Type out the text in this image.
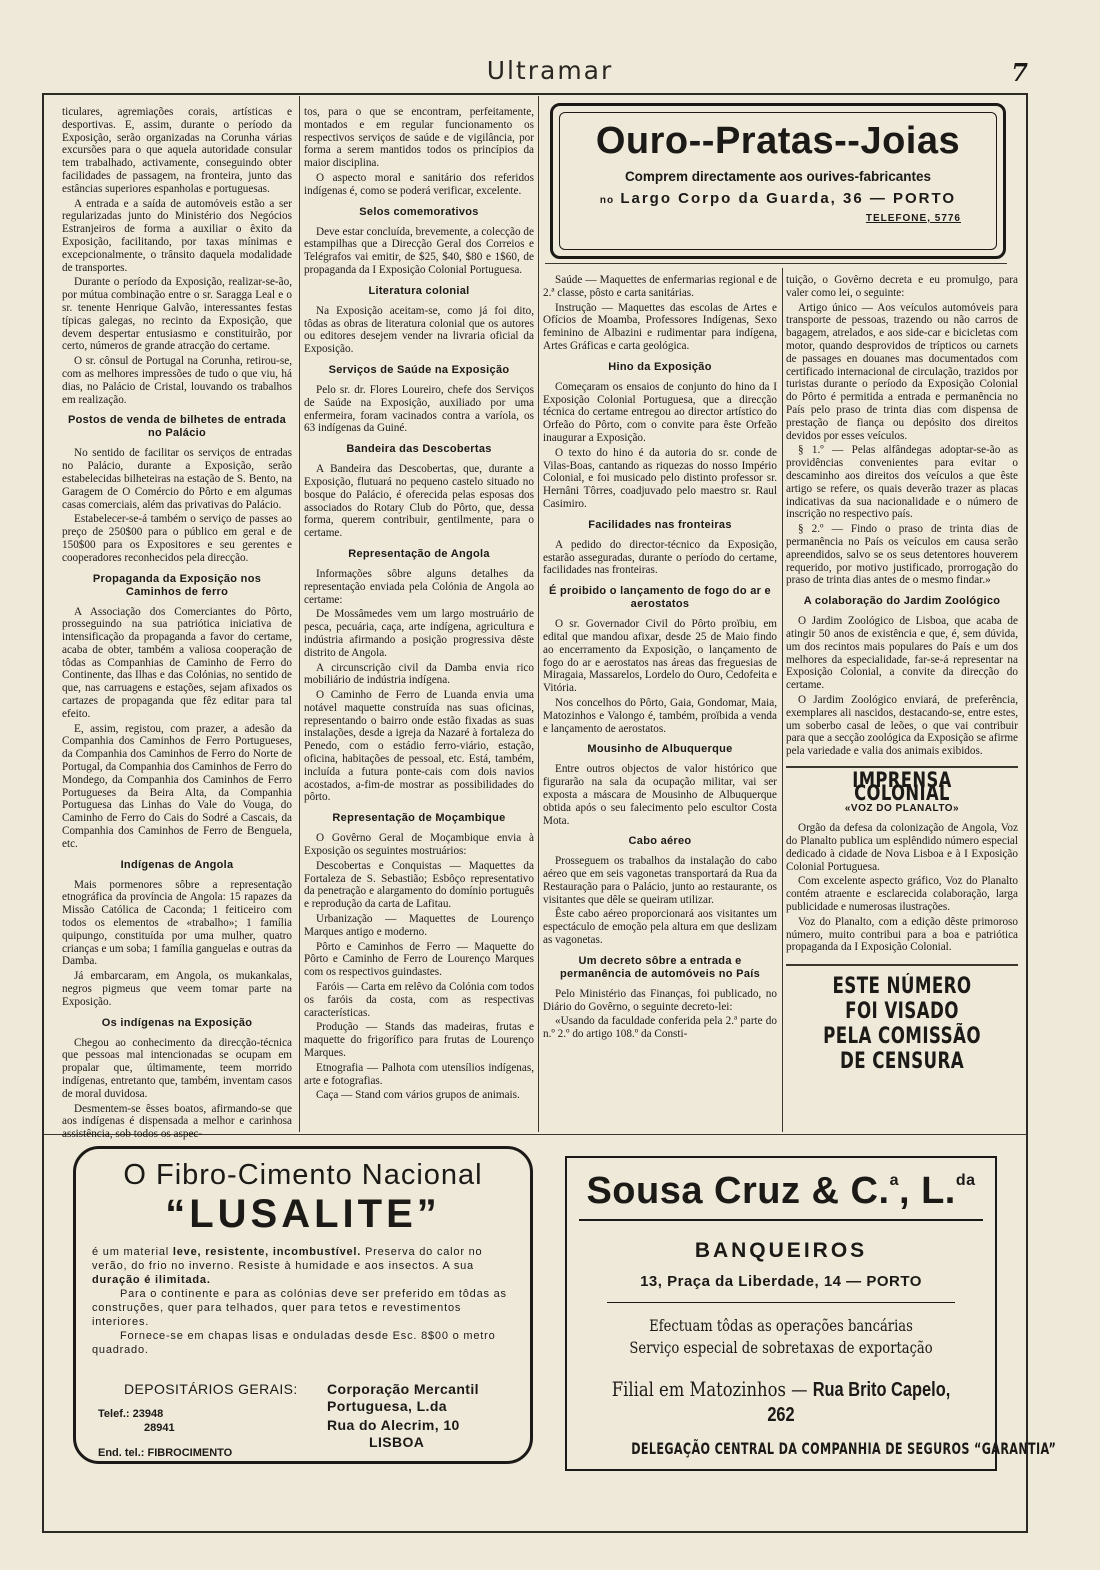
Ultramar	7

ticulares, agremiações corais, artísticas e desportivas. E, assim, durante o período da Exposição, serão organizadas na Corunha várias excursões para o que aquela autoridade consular tem trabalhado, activamente, conseguindo obter facilidades de passagem, na fronteira, junto das estâncias superiores espanholas e portuguesas.

A entrada e a saída de automóveis estão a ser regularizadas junto do Ministério dos Negócios Estranjeiros de forma a auxiliar o êxito da Exposição, facilitando, por taxas mínimas e excepcionalmente, o trânsito daquela modalidade de transportes.

Durante o período da Exposição, realizar-se-ão, por mútua combinação entre o sr. Saragga Leal e o sr. tenente Henrique Galvão, interessantes festas típicas galegas, no recinto da Exposição, que devem despertar entusiasmo e constituirão, por certo, números de grande atracção do certame.

O sr. cônsul de Portugal na Corunha, retirou-se, com as melhores impressões de tudo o que viu, há dias, no Palácio de Cristal, louvando os trabalhos em realização.

Postos de venda de bilhetes de entrada no Palácio

No sentido de facilitar os serviços de entradas no Palácio, durante a Exposição, serão estabelecidas bilheteiras na estação de S. Bento, na Garagem de O Comércio do Pôrto e em algumas casas comerciais, além das privativas do Palácio.

Estabelecer-se-á também o serviço de passes ao preço de 250$00 para o público em geral e de 150$00 para os Expositores e seu gerentes e cooperadores reconhecidos pela direcção.

Propaganda da Exposição nos Caminhos de ferro

A Associação dos Comerciantes do Pôrto, prosseguindo na sua patriótica iniciativa de intensificação da propaganda a favor do certame, acaba de obter, também a valiosa cooperação de tôdas as Companhias de Caminho de Ferro do Continente, das Ilhas e das Colónias, no sentido de que, nas carruagens e estações, sejam afixados os cartazes de propaganda que fêz editar para tal efeito.

E, assim, registou, com prazer, a adesão da Companhia dos Caminhos de Ferro Portugueses, da Companhia dos Caminhos de Ferro do Norte de Portugal, da Companhia dos Caminhos de Ferro do Mondego, da Companhia dos Caminhos de Ferro Portugueses da Beira Alta, da Companhia Portuguesa das Linhas do Vale do Vouga, do Caminho de Ferro do Cais do Sodré a Cascais, da Companhia dos Caminhos de Ferro de Benguela, etc.

Indígenas de Angola

Mais pormenores sôbre a representação etnográfica da província de Angola: 15 rapazes da Missão Católica de Caconda; 1 feiticeiro com todos os elementos de «trabalho»; 1 família quipungo, constituída por uma mulher, quatro crianças e um soba; 1 família ganguelas e outras da Damba.

Já embarcaram, em Angola, os mukankalas, negros pigmeus que veem tomar parte na Exposição.

Os indígenas na Exposição

Chegou ao conhecimento da direcção-técnica que pessoas mal intencionadas se ocupam em propalar que, últimamente, teem morrido indígenas, entretanto que, também, inventam casos de moral duvidosa.

Desmentem-se êsses boatos, afirmando-se que aos indígenas é dispensada a melhor e carinhosa assistência, sob todos os aspec-

tos, para o que se encontram, perfeitamente, montados e em regular funcionamento os respectivos serviços de saúde e de vigilância, por forma a serem mantidos todos os princípios da maior disciplina.

O aspecto moral e sanitário dos referidos indígenas é, como se poderá verificar, excelente.

Selos comemorativos

Deve estar concluída, brevemente, a colecção de estampilhas que a Direcção Geral dos Correios e Telégrafos vai emitir, de $25, $40, $80 e 1$60, de propaganda da I Exposição Colonial Portuguesa.

Literatura colonial

Na Exposição aceitam-se, como já foi dito, tôdas as obras de literatura colonial que os autores ou editores desejem vender na livraria oficial da Exposição.

Serviços de Saúde na Exposição

Pelo sr. dr. Flores Loureiro, chefe dos Serviços de Saúde na Exposição, auxiliado por uma enfermeira, foram vacinados contra a varíola, os 63 indígenas da Guiné.

Bandeira das Descobertas

A Bandeira das Descobertas, que, durante a Exposição, flutuará no pequeno castelo situado no bosque do Palácio, é oferecida pelas esposas dos associados do Rotary Club do Pôrto, que, dessa forma, querem contribuir, gentilmente, para o certame.

Representação de Angola

Informações sôbre alguns detalhes da representação enviada pela Colónia de Angola ao certame:

De Mossâmedes vem um largo mostruário de pesca, pecuária, caça, arte indígena, agricultura e indústria afirmando a posição progressiva dêste distrito de Angola.

A circunscrição civil da Damba envia rico mobiliário de indústria indígena.

O Caminho de Ferro de Luanda envia uma notável maquette construída nas suas oficinas, representando o bairro onde estão fixadas as suas instalações, desde a igreja da Nazaré à fortaleza do Penedo, com o estádio ferro-viário, estação, oficina, habitações de pessoal, etc. Está, também, incluída a futura ponte-cais com dois navios acostados, a-fim-de mostrar as possibilidades do pôrto.

Representação de Moçambique

O Govêrno Geral de Moçambique envia à Exposição os seguintes mostruários:

Descobertas e Conquistas — Maquettes da Fortaleza de S. Sebastião; Esbôço representativo da penetração e alargamento do domínio português e reprodução da carta de Lafitau.

Urbanização — Maquettes de Lourenço Marques antigo e moderno.

Pôrto e Caminhos de Ferro — Maquette do Pôrto e Caminho de Ferro de Lourenço Marques com os respectivos guindastes.

Faróis — Carta em relêvo da Colónia com todos os faróis da costa, com as respectivas características.

Produção — Stands das madeiras, frutas e maquette do frigorífico para frutas de Lourenço Marques.

Etnografia — Palhota com utensílios indígenas, arte e fotografias.

Caça — Stand com vários grupos de animais.

Ouro--Pratas--Joias
Comprem directamente aos ourives-fabricantes
no Largo Corpo da Guarda, 36 — PORTO
TELEFONE, 5776

Saúde — Maquettes de enfermarias regional e de 2.ª classe, pôsto e carta sanitárias.

Instrução — Maquettes das escolas de Artes e Ofícios de Moamba, Professores Indígenas, Sexo feminino de Albazini e rudimentar para indígena, Artes Gráficas e carta geológica.

Hino da Exposição

Começaram os ensaios de conjunto do hino da I Exposição Colonial Portuguesa, que a direcção técnica do certame entregou ao director artístico do Orfeão do Pôrto, com o convite para êste Orfeão inaugurar a Exposição.

O texto do hino é da autoria do sr. conde de Vilas-Boas, cantando as riquezas do nosso Império Colonial, e foi musicado pelo distinto professor sr. Hernâni Tôrres, coadjuvado pelo maestro sr. Raul Casimiro.

Facilidades nas fronteiras

A pedido do director-técnico da Exposição, estarão asseguradas, durante o período do certame, facilidades nas fronteiras.

É proibido o lançamento de fogo do ar e aerostatos

O sr. Governador Civil do Pôrto proïbiu, em edital que mandou afixar, desde 25 de Maio findo ao encerramento da Exposição, o lançamento de fogo do ar e aerostatos nas áreas das freguesias de Miragaia, Massarelos, Lordelo do Ouro, Cedofeita e Vitória.

Nos concelhos do Pôrto, Gaia, Gondomar, Maia, Matozinhos e Valongo é, também, proïbida a venda e lançamento de aerostatos.

Mousinho de Albuquerque

Entre outros objectos de valor histórico que figurarão na sala da ocupação militar, vai ser exposta a máscara de Mousinho de Albuquerque obtida após o seu falecimento pelo escultor Costa Mota.

Cabo aéreo

Prosseguem os trabalhos da instalação do cabo aéreo que em seis vagonetas transportará da Rua da Restauração para o Palácio, junto ao restaurante, os visitantes que dêle se queiram utilizar.

Êste cabo aéreo proporcionará aos visitantes um espectáculo de emoção pela altura em que deslizam as vagonetas.

Um decreto sôbre a entrada e permanência de automóveis no País

Pelo Ministério das Finanças, foi publicado, no Diário do Govêrno, o seguinte decreto-lei:

«Usando da faculdade conferida pela 2.ª parte do n.º 2.º do artigo 108.º da Consti-

tuição, o Govêrno decreta e eu promulgo, para valer como lei, o seguinte:

Artigo único — Aos veículos automóveis para transporte de pessoas, trazendo ou não carros de bagagem, atrelados, e aos side-car e bicicletas com motor, quando desprovidos de trípticos ou carnets de passages en douanes mas documentados com certificado internacional de circulação, trazidos por turistas durante o período da Exposição Colonial do Pôrto é permitida a entrada e permanência no País pelo praso de trinta dias com dispensa de prestação de fiança ou depósito dos direitos devidos por esses veículos.

§ 1.º — Pelas alfândegas adoptar-se-ão as providências convenientes para evitar o descaminho aos direitos dos veículos a que êste artigo se refere, os quais deverão trazer as placas indicativas da sua nacionalidade e o número de inscrição no respectivo país.

§ 2.º — Findo o praso de trinta dias de permanência no País os veículos em causa serão apreendidos, salvo se os seus detentores houverem requerido, por motivo justificado, prorrogação do praso de trinta dias antes de o mesmo findar.»

A colaboração do Jardim Zoológico

O Jardim Zoológico de Lisboa, que acaba de atingir 50 anos de existência e que, é, sem dúvida, um dos recintos mais populares do País e um dos melhores da especialidade, far-se-á representar na Exposição Colonial, a convite da direcção do certame.

O Jardim Zoológico enviará, de preferência, exemplares ali nascidos, destacando-se, entre estes, um soberbo casal de leões, o que vai contribuir para que a secção zoológica da Exposição se afirme pela variedade e valia dos animais exibidos.

IMPRENSA COLONIAL
«VOZ DO PLANALTO»

Orgão da defesa da colonização de Angola, Voz do Planalto publica um esplêndido número especial dedicado à cidade de Nova Lisboa e à I Exposição Colonial Portuguesa.

Com excelente aspecto gráfico, Voz do Planalto contém atraente e esclarecida colaboração, larga publicidade e numerosas ilustrações.

Voz do Planalto, com a edição dêste primoroso número, muito contribui para a boa e patriótica propaganda da I Exposição Colonial.

ESTE NÚMERO FOI VISADO
PELA COMISSÃO DE CENSURA
O Fibro-Cimento Nacional
“LUSALITE”

é um material leve, resistente, incombustível. Preserva do calor no verão, do frio no inverno. Resiste à humidade e aos insectos. A sua duração é ilimitada.

Para o continente e para as colónias deve ser preferido em tôdas as construções, quer para telhados, quer para tetos e revestimentos interiores.

Fornece-se em chapas lisas e onduladas desde Esc. 8$00 o metro quadrado.

DEPOSITÁRIOS GERAIS: Corporação Mercantil
Portuguesa, L.da
Rua do Alecrim, 10
LISBOA
Telef.: 23948
28941
End. tel.: FIBROCIMENTO
Sousa Cruz & C.$^a$, L.$^{da}$
BANQUEIROS
13, Praça da Liberdade, 14 — PORTO
Efectuam tôdas as operações bancárias
Serviço especial de sobretaxas de exportação
Filial em Matozinhos — Rua Brito Capelo, 262
DELEGAÇÃO CENTRAL DA COMPANHIA DE SEGUROS “GARANTIA”
